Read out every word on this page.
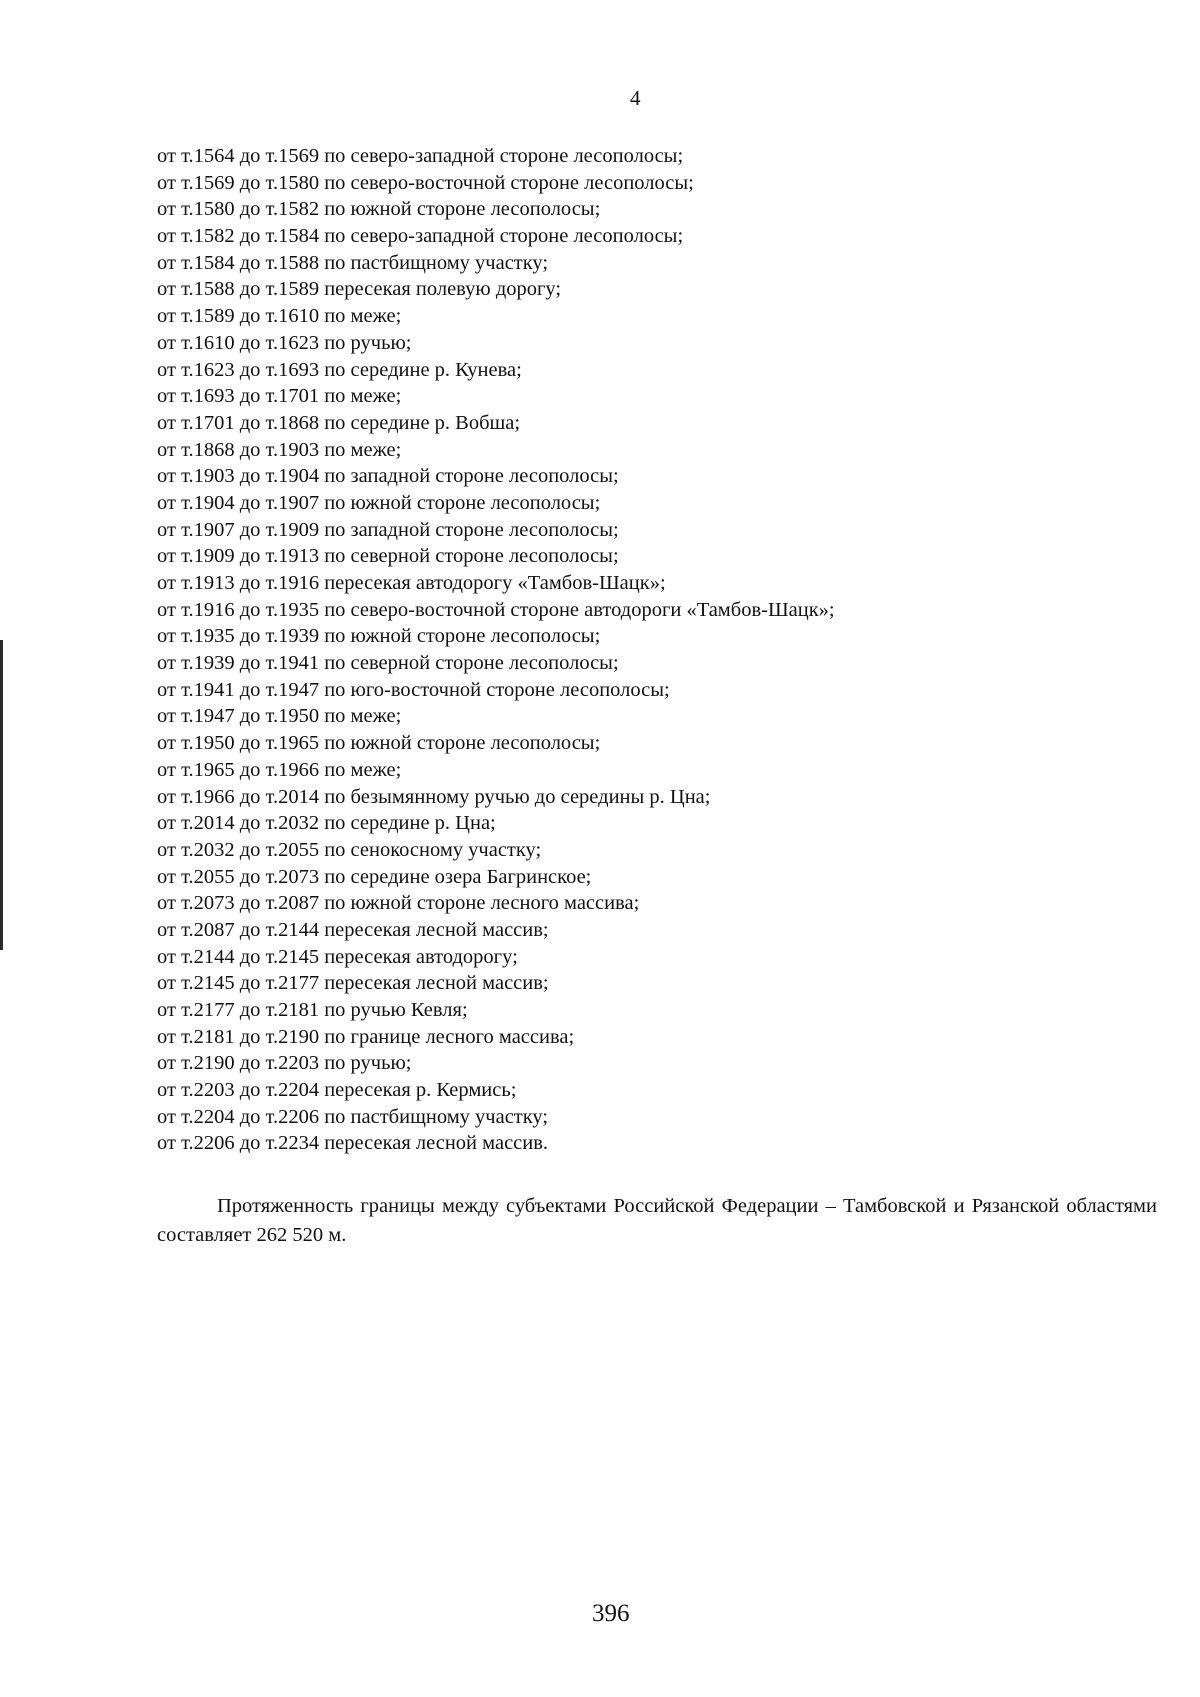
4
от т.1564 до т.1569 по северо-западной стороне лесополосы;
от т.1569 до т.1580 по северо-восточной стороне лесополосы;
от т.1580 до т.1582 по южной стороне лесополосы;
от т.1582 до т.1584 по северо-западной стороне лесополосы;
от т.1584 до т.1588 по пастбищному участку;
от т.1588 до т.1589 пересекая полевую дорогу;
от т.1589 до т.1610 по меже;
от т.1610 до т.1623 по ручью;
от т.1623 до т.1693 по середине р. Кунева;
от т.1693 до т.1701 по меже;
от т.1701 до т.1868 по середине р. Вобша;
от т.1868 до т.1903 по меже;
от т.1903 до т.1904 по западной стороне лесополосы;
от т.1904 до т.1907 по южной стороне лесополосы;
от т.1907 до т.1909 по западной стороне лесополосы;
от т.1909 до т.1913 по северной стороне лесополосы;
от т.1913 до т.1916 пересекая автодорогу «Тамбов-Шацк»;
от т.1916 до т.1935 по северо-восточной стороне автодороги «Тамбов-Шацк»;
от т.1935 до т.1939 по южной стороне лесополосы;
от т.1939 до т.1941 по северной стороне лесополосы;
от т.1941 до т.1947 по юго-восточной стороне лесополосы;
от т.1947 до т.1950 по меже;
от т.1950 до т.1965 по южной стороне лесополосы;
от т.1965 до т.1966 по меже;
от т.1966 до т.2014 по безымянному ручью до середины р. Цна;
от т.2014 до т.2032 по середине р. Цна;
от т.2032 до т.2055 по сенокосному участку;
от т.2055 до т.2073 по середине озера Багринское;
от т.2073 до т.2087 по южной стороне лесного массива;
от т.2087 до т.2144 пересекая лесной массив;
от т.2144 до т.2145 пересекая автодорогу;
от т.2145 до т.2177 пересекая лесной массив;
от т.2177 до т.2181 по ручью Кевля;
от т.2181 до т.2190 по границе лесного массива;
от т.2190 до т.2203 по ручью;
от т.2203 до т.2204 пересекая р. Кермись;
от т.2204 до т.2206 по пастбищному участку;
от т.2206 до т.2234 пересекая лесной массив.

Протяженность границы между субъектами Российской Федерации – Тамбовской и Рязанской областями составляет 262 520 м.

396
